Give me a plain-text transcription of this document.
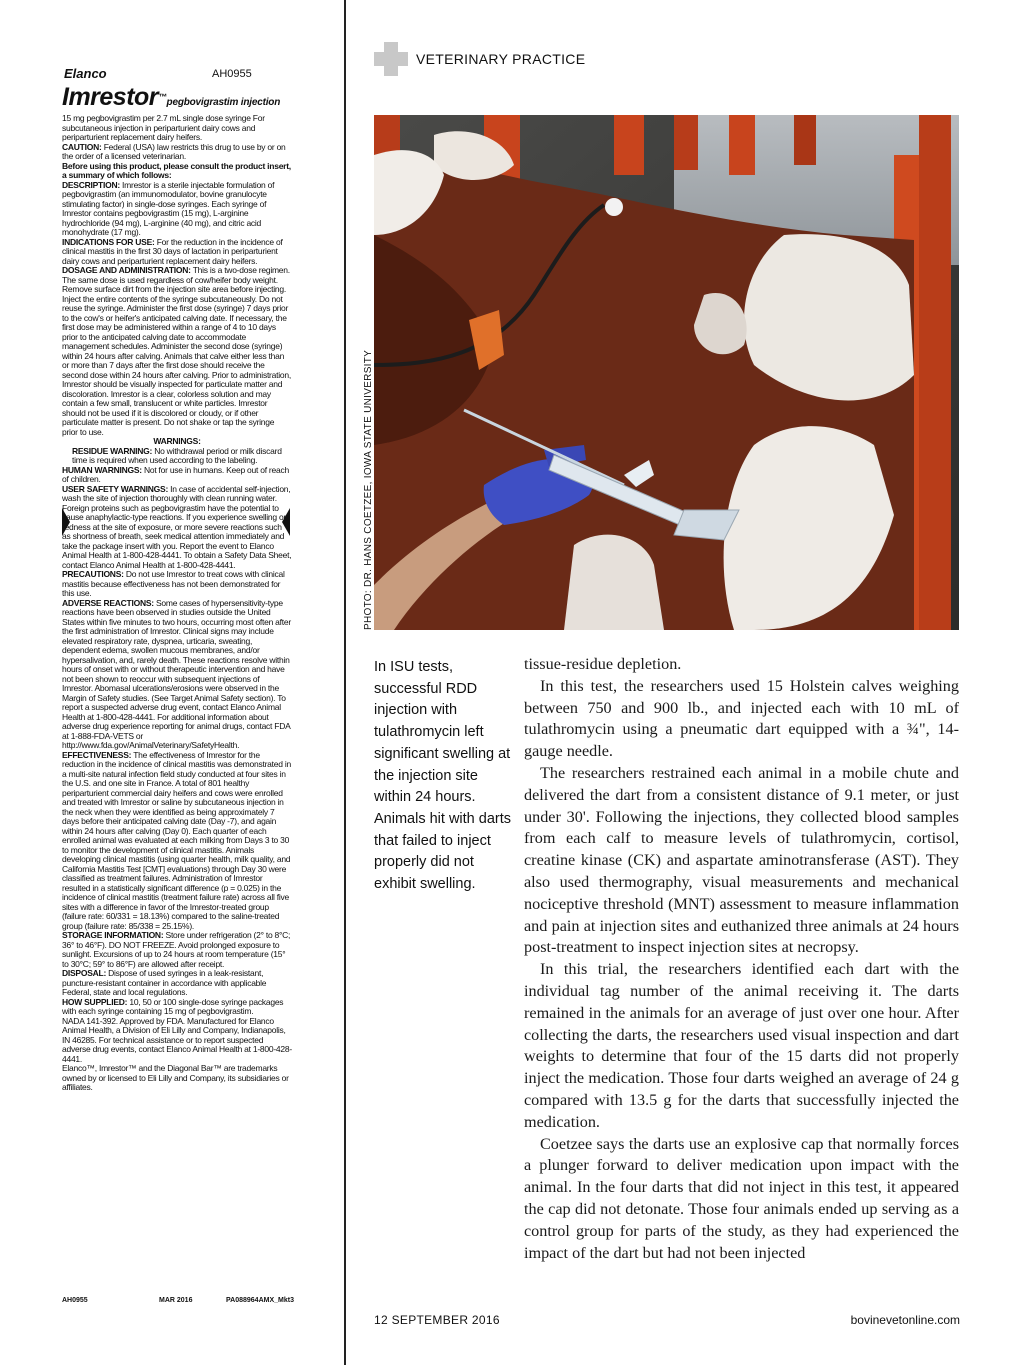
Elanco	AH0955
Imrestor™pegbovigrastim injection

15 mg pegbovigrastim per 2.7 mL single dose syringe For subcutaneous injection in periparturient dairy cows and periparturient replacement dairy heifers.

CAUTION: Federal (USA) law restricts this drug to use by or on the order of a licensed veterinarian.

Before using this product, please consult the product insert, a summary of which follows:

DESCRIPTION: Imrestor is a sterile injectable formulation of pegbovigrastim (an immunomodulator, bovine granulocyte stimulating factor) in single-dose syringes. Each syringe of Imrestor contains pegbovigrastim (15 mg), L-arginine hydrochloride (94 mg), L-arginine (40 mg), and citric acid monohydrate (17 mg).

INDICATIONS FOR USE: For the reduction in the incidence of clinical mastitis in the first 30 days of lactation in periparturient dairy cows and periparturient replacement dairy heifers.

DOSAGE AND ADMINISTRATION: This is a two-dose regimen. The same dose is used regardless of cow/heifer body weight. Remove surface dirt from the injection site area before injecting. Inject the entire contents of the syringe subcutaneously. Do not reuse the syringe. Administer the first dose (syringe) 7 days prior to the cow's or heifer's anticipated calving date. If necessary, the first dose may be administered within a range of 4 to 10 days prior to the anticipated calving date to accommodate management schedules. Administer the second dose (syringe) within 24 hours after calving. Animals that calve either less than or more than 7 days after the first dose should receive the second dose within 24 hours after calving. Prior to administration, Imrestor should be visually inspected for particulate matter and discoloration. Imrestor is a clear, colorless solution and may contain a few small, translucent or white particles. Imrestor should not be used if it is discolored or cloudy, or if other particulate matter is present. Do not shake or tap the syringe prior to use.

WARNINGS:

RESIDUE WARNING: No withdrawal period or milk discard time is required when used according to the labeling.

HUMAN WARNINGS: Not for use in humans. Keep out of reach of children.

USER SAFETY WARNINGS: In case of accidental self-injection, wash the site of injection thoroughly with clean running water. Foreign proteins such as pegbovigrastim have the potential to cause anaphylactic-type reactions. If you experience swelling or redness at the site of exposure, or more severe reactions such as shortness of breath, seek medical attention immediately and take the package insert with you. Report the event to Elanco Animal Health at 1-800-428-4441. To obtain a Safety Data Sheet, contact Elanco Animal Health at 1-800-428-4441.

PRECAUTIONS: Do not use Imrestor to treat cows with clinical mastitis because effectiveness has not been demonstrated for this use.

ADVERSE REACTIONS: Some cases of hypersensitivity-type reactions have been observed in studies outside the United States within five minutes to two hours, occurring most often after the first administration of Imrestor. Clinical signs may include elevated respiratory rate, dyspnea, urticaria, sweating, dependent edema, swollen mucous membranes, and/or hypersalivation, and, rarely death. These reactions resolve within hours of onset with or without therapeutic intervention and have not been shown to reoccur with subsequent injections of Imrestor. Abomasal ulcerations/erosions were observed in the Margin of Safety studies. (See Target Animal Safety section). To report a suspected adverse drug event, contact Elanco Animal Health at 1-800-428-4441. For additional information about adverse drug experience reporting for animal drugs, contact FDA at 1-888-FDA-VETS or http://www.fda.gov/AnimalVeterinary/SafetyHealth.

EFFECTIVENESS: The effectiveness of Imrestor for the reduction in the incidence of clinical mastitis was demonstrated in a multi-site natural infection field study conducted at four sites in the U.S. and one site in France. A total of 801 healthy periparturient commercial dairy heifers and cows were enrolled and treated with Imrestor or saline by subcutaneous injection in the neck when they were identified as being approximately 7 days before their anticipated calving date (Day -7), and again within 24 hours after calving (Day 0). Each quarter of each enrolled animal was evaluated at each milking from Days 3 to 30 to monitor the development of clinical mastitis. Animals developing clinical mastitis (using quarter health, milk quality, and California Mastitis Test [CMT] evaluations) through Day 30 were classified as treatment failures. Administration of Imrestor resulted in a statistically significant difference (p = 0.025) in the incidence of clinical mastitis (treatment failure rate) across all five sites with a difference in favor of the Imrestor-treated group (failure rate: 60/331 = 18.13%) compared to the saline-treated group (failure rate: 85/338 = 25.15%).

STORAGE INFORMATION: Store under refrigeration (2° to 8°C; 36° to 46°F). DO NOT FREEZE. Avoid prolonged exposure to sunlight. Excursions of up to 24 hours at room temperature (15° to 30°C; 59° to 86°F) are allowed after receipt.

DISPOSAL: Dispose of used syringes in a leak-resistant, puncture-resistant container in accordance with applicable Federal, state and local regulations.

HOW SUPPLIED: 10, 50 or 100 single-dose syringe packages with each syringe containing 15 mg of pegbovigrastim.

NADA 141-392. Approved by FDA. Manufactured for Elanco Animal Health, a Division of Eli Lilly and Company, Indianapolis, IN 46285. For technical assistance or to report suspected adverse drug events, contact Elanco Animal Health at 1-800-428-4441.

Elanco™, Imrestor™ and the Diagonal Bar™ are trademarks owned by or licensed to Eli Lilly and Company, its subsidiaries or affiliates.

AH0955	MAR 2016	PA088964AMX_Mkt3
VETERINARY PRACTICE
PHOTO: DR. HANS COETZEE, IOWA STATE UNIVERSITY
In ISU tests, successful RDD injection with tulathromycin left significant swelling at the injection site within 24 hours. Animals hit with darts that failed to inject properly did not exhibit swelling.

tissue-residue depletion.

In this test, the researchers used 15 Holstein calves weighing between 750 and 900 lb., and injected each with 10 mL of tulathromycin using a pneumatic dart equipped with a ¾", 14-gauge needle.

The researchers restrained each animal in a mobile chute and delivered the dart from a consistent distance of 9.1 meter, or just under 30'. Following the injections, they collected blood samples from each calf to measure levels of tulathromycin, cortisol, creatine kinase (CK) and aspartate aminotransferase (AST). They also used thermography, visual measurements and mechanical nociceptive threshold (MNT) assessment to measure inflammation and pain at injection sites and euthanized three animals at 24 hours post-treatment to inspect injection sites at necropsy.

In this trial, the researchers identified each dart with the individual tag number of the animal receiving it. The darts remained in the animals for an average of just over one hour. After collecting the darts, the researchers used visual inspection and dart weights to determine that four of the 15 darts did not properly inject the medication. Those four darts weighed an average of 24 g compared with 13.5 g for the darts that successfully injected the medication.

Coetzee says the darts use an explosive cap that normally forces a plunger forward to deliver medication upon impact with the animal. In the four darts that did not inject in this test, it appeared the cap did not detonate. Those four animals ended up serving as a control group for parts of the study, as they had experienced the impact of the dart but had not been injected

12 SEPTEMBER 2016	bovinevetonline.com
